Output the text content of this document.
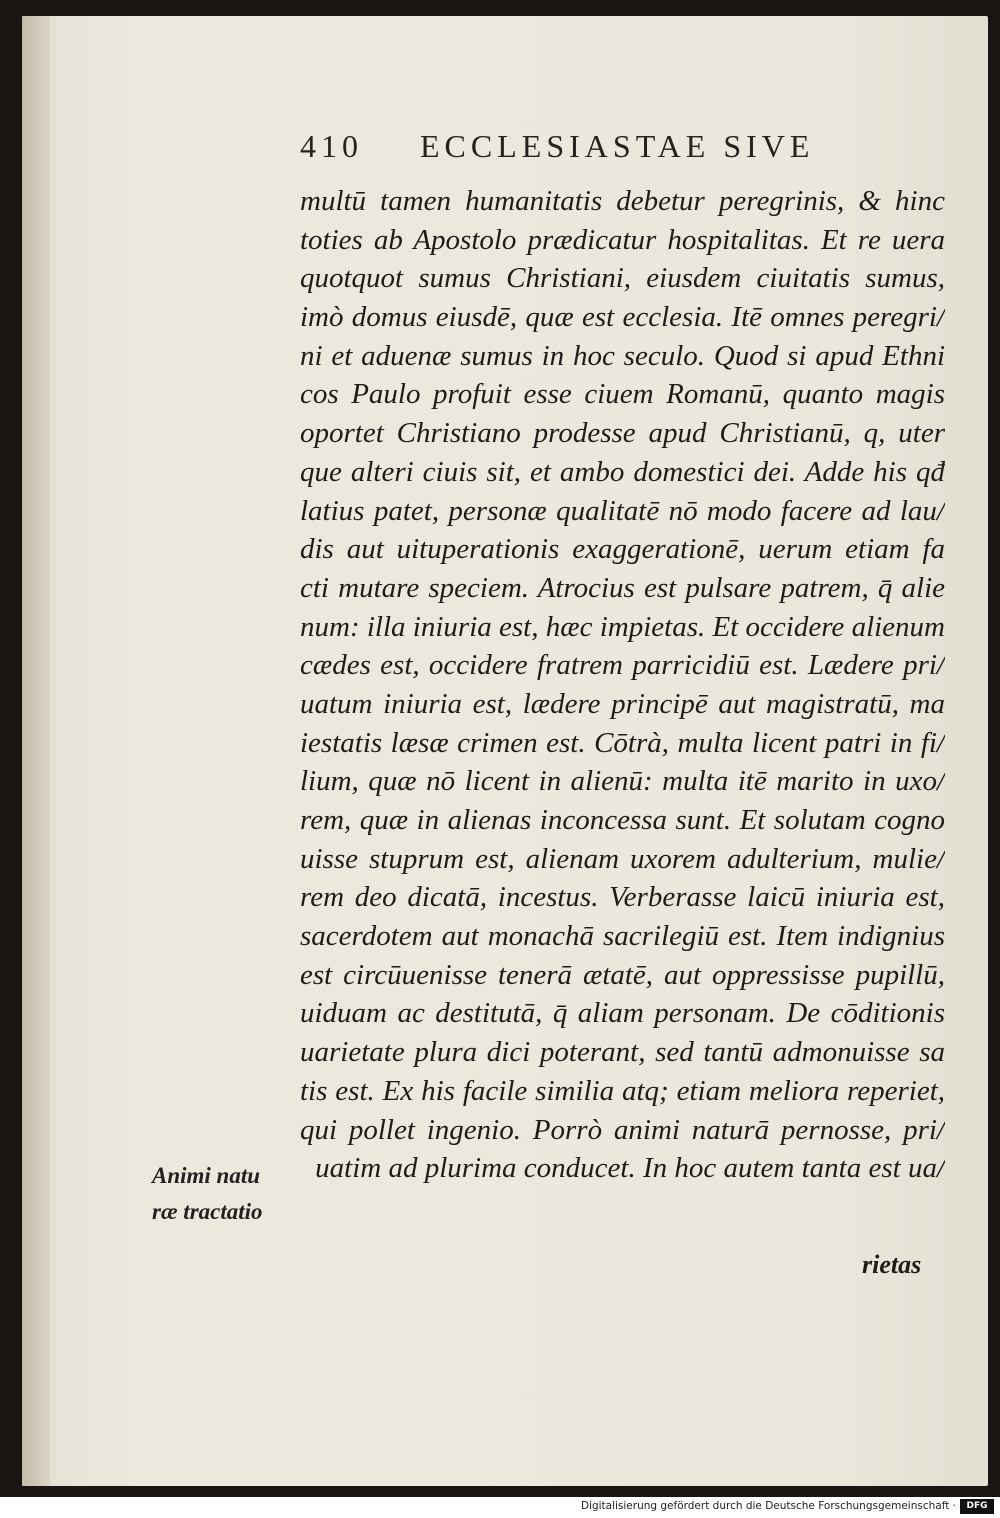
410 ECCLESIASTAE SIVE
multū tamen humanitatis debetur peregrinis, & hinc
toties ab Apostolo prædicatur hospitalitas. Et re uera
quotquot sumus Christiani, eiusdem ciuitatis sumus,
imò domus eiusdē, quæ est ecclesia. Itē omnes peregri/
ni et aduenæ sumus in hoc seculo. Quod si apud Ethni
cos Paulo profuit esse ciuem Romanū, quanto magis
oportet Christiano prodesse apud Christianū, q, uter
que alteri ciuis sit, et ambo domestici dei. Adde his qđ
latius patet, personæ qualitatē nō modo facere ad lau/
dis aut uituperationis exaggerationē, uerum etiam fa
cti mutare speciem. Atrocius est pulsare patrem, q̄ alie
num: illa iniuria est, hæc impietas. Et occidere alienum
cædes est, occidere fratrem parricidiū est. Lædere pri/
uatum iniuria est, lædere principē aut magistratū, ma
iestatis læsæ crimen est. Cōtrà, multa licent patri in fi/
lium, quæ nō licent in alienū: multa itē marito in uxo/
rem, quæ in alienas inconcessa sunt. Et solutam cogno
uisse stuprum est, alienam uxorem adulterium, mulie/
rem deo dicatā, incestus. Verberasse laicū iniuria est,
sacerdotem aut monachā sacrilegiū est. Item indignius
est circūuenisse tenerā ætatē, aut oppressisse pupillū,
uiduam ac destitutā, q̄ aliam personam. De cōditionis
uarietate plura dici poterant, sed tantū admonuisse sa
tis est. Ex his facile similia atq; etiam meliora reperiet,
qui pollet ingenio. Porrò animi naturā pernosse, pri/
uatim ad plurima conducet. In hoc autem tanta est ua/
Animi natu
ræ tractatio
rietas
Digitalisierung gefördert durch die Deutsche Forschungsgemeinschaft ·	DFG
